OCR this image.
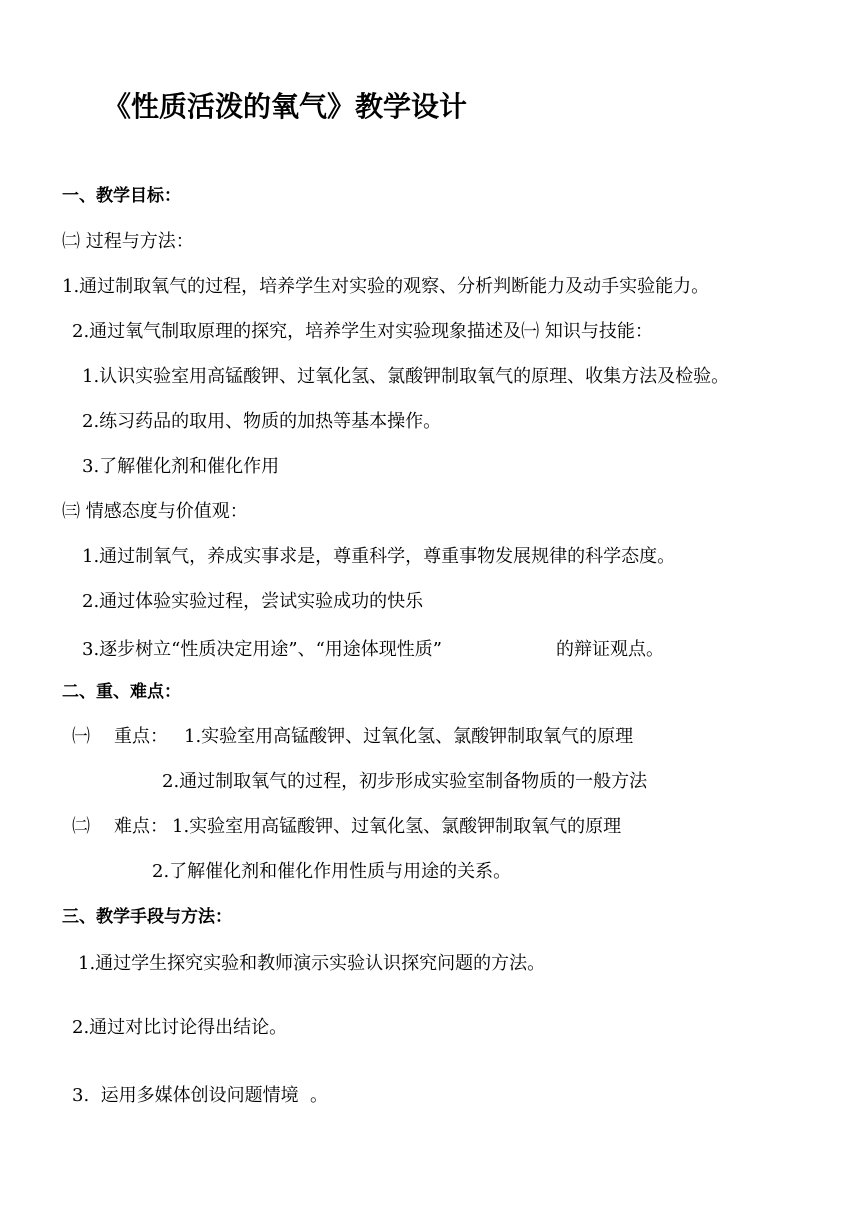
《性质活泼的氧气》教学设计
一、教学目标：
㈡ 过程与方法：
1.通过制取氧气的过程，培养学生对实验的观察、分析判断能力及动手实验能力。
2.通过氧气制取原理的探究，培养学生对实验现象描述及㈠ 知识与技能：
1.认识实验室用高锰酸钾、过氧化氢、氯酸钾制取氧气的原理、收集方法及检验。
2.练习药品的取用、物质的加热等基本操作。
3.了解催化剂和催化作用
㈢ 情感态度与价值观：
1.通过制氧气，养成实事求是，尊重科学，尊重事物发展规律的科学态度。
2.通过体验实验过程，尝试实验成功的快乐
3.逐步树立“性质决定用途”、“用途体现性质”	的辩证观点。
二、重、难点：
㈠ 重点： 1.实验室用高锰酸钾、过氧化氢、氯酸钾制取氧气的原理
2.通过制取氧气的过程，初步形成实验室制备物质的一般方法
㈡ 难点： 1.实验室用高锰酸钾、过氧化氢、氯酸钾制取氧气的原理
2.了解催化剂和催化作用性质与用途的关系。
三、教学手段与方法：
1.通过学生探究实验和教师演示实验认识探究问题的方法。
2.通过对比讨论得出结论。
3.  运用多媒体创设问题情境  。
